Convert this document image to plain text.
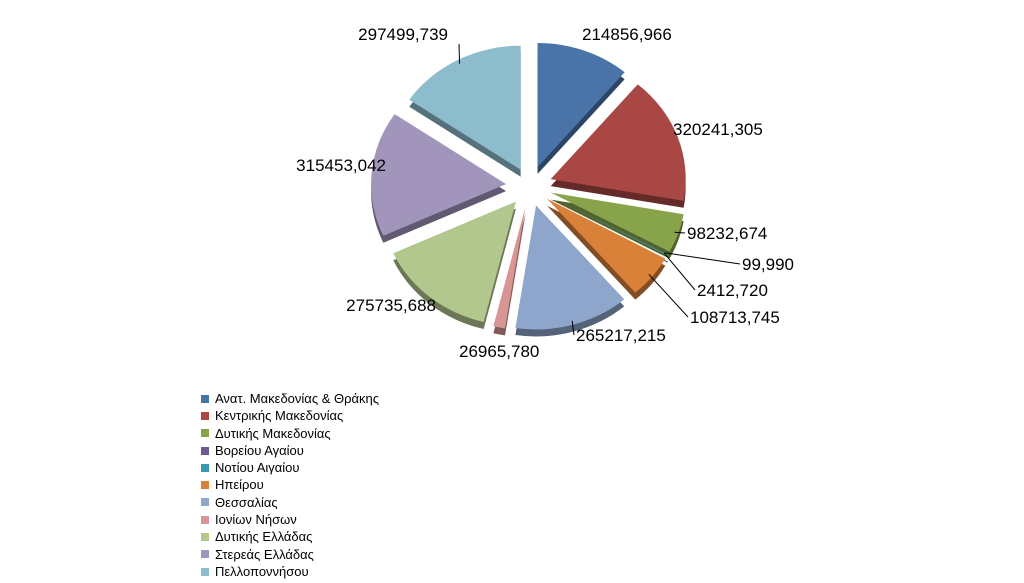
214856,966
320241,305
98232,674
99,990
2412,720
108713,745
265217,215
26965,780
275735,688
315453,042
297499,739
Ανατ. Μακεδονίας & Θράκης
Κεντρικής Μακεδονίας
Δυτικής Μακεδονίας
Βορείου Αγαίου
Νοτίου Αιγαίου
Ηπείρου
Θεσσαλίας
Ιονίων Νήσων
Δυτικής Ελλάδας
Στερεάς Ελλάδας
Πελλοποννήσου
